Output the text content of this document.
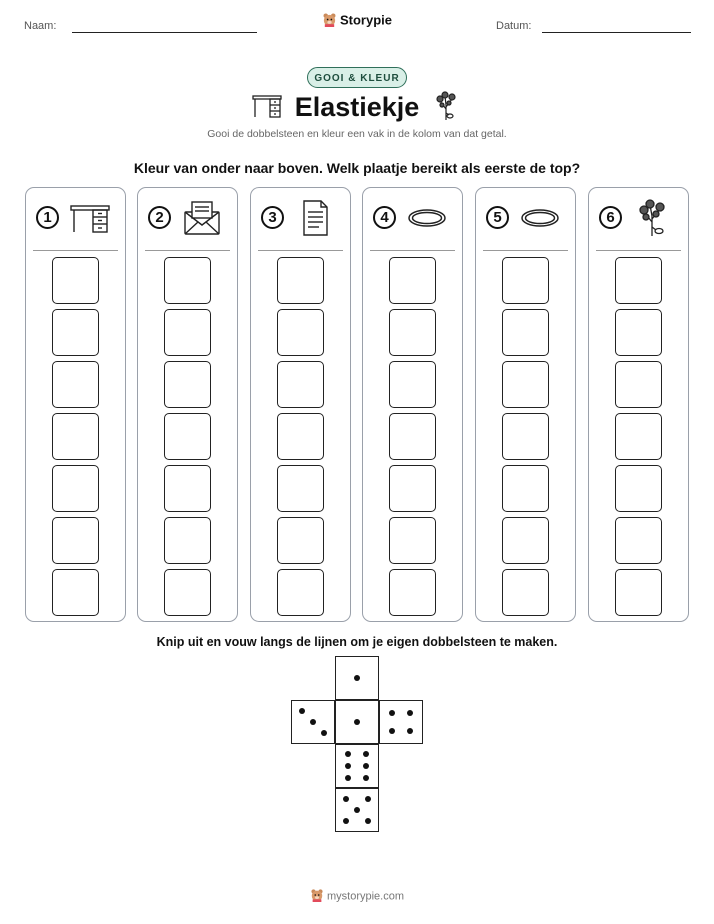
Naam:	Storypie	Datum:
GOOI & KLEUR
Elastiekje
Gooi de dobbelsteen en kleur een vak in de kolom van dat getal.
Kleur van onder naar boven. Welk plaatje bereikt als eerste de top?
1	2	3	4	5	6
Knip uit en vouw langs de lijnen om je eigen dobbelsteen te maken.
mystorypie.com
